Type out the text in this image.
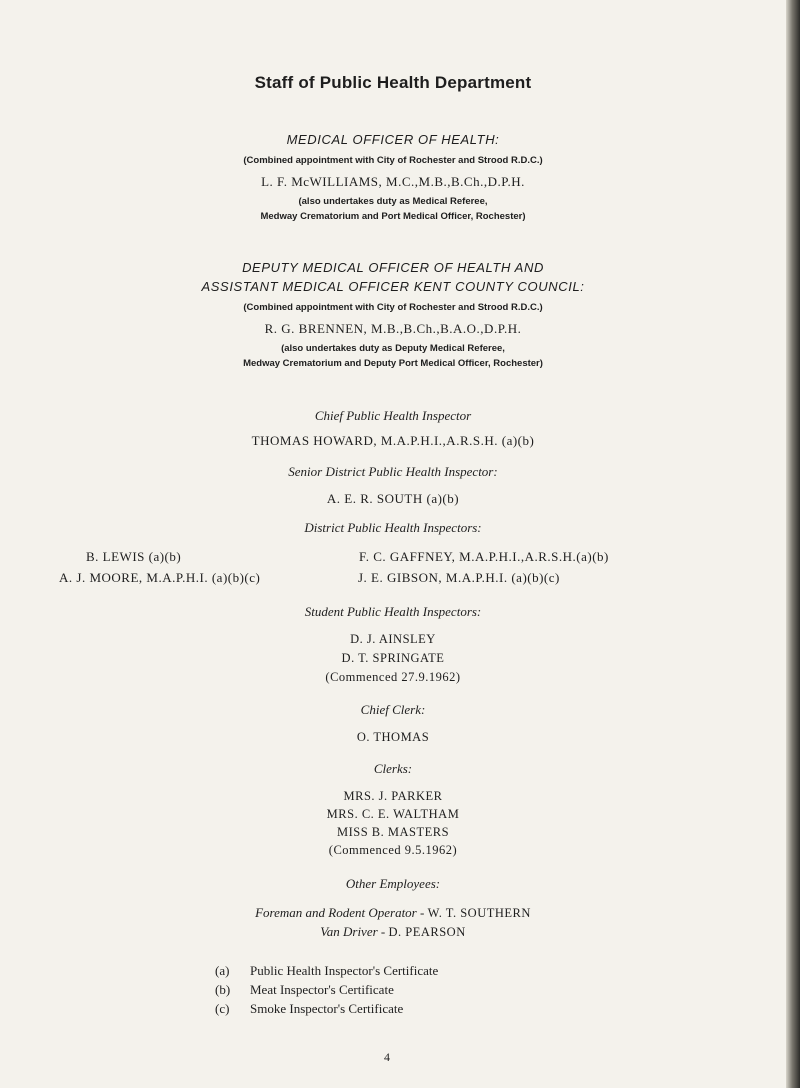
Staff of Public Health Department
MEDICAL OFFICER OF HEALTH:
(Combined appointment with City of Rochester and Strood R.D.C.)
L. F. McWILLIAMS, M.C.,M.B.,B.Ch.,D.P.H.
(also undertakes duty as Medical Referee,
Medway Crematorium and Port Medical Officer, Rochester)
DEPUTY MEDICAL OFFICER OF HEALTH AND
ASSISTANT MEDICAL OFFICER KENT COUNTY COUNCIL:
(Combined appointment with City of Rochester and Strood R.D.C.)
R. G. BRENNEN, M.B.,B.Ch.,B.A.O.,D.P.H.
(also undertakes duty as Deputy Medical Referee,
Medway Crematorium and Deputy Port Medical Officer, Rochester)
Chief Public Health Inspector
THOMAS HOWARD, M.A.P.H.I.,A.R.S.H. (a)(b)
Senior District Public Health Inspector:
A. E. R. SOUTH (a)(b)
District Public Health Inspectors:
B. LEWIS (a)(b)	F. C. GAFFNEY, M.A.P.H.I.,A.R.S.H.(a)(b)
A. J. MOORE, M.A.P.H.I. (a)(b)(c)	J. E. GIBSON, M.A.P.H.I. (a)(b)(c)
Student Public Health Inspectors:
D. J. AINSLEY
D. T. SPRINGATE
(Commenced 27.9.1962)
Chief Clerk:
O. THOMAS
Clerks:
MRS. J. PARKER
MRS. C. E. WALTHAM
MISS B. MASTERS
(Commenced 9.5.1962)
Other Employees:
Foreman and Rodent Operator - W. T. SOUTHERN
Van Driver - D. PEARSON
(a) Public Health Inspector's Certificate
(b) Meat Inspector's Certificate
(c) Smoke Inspector's Certificate
4
